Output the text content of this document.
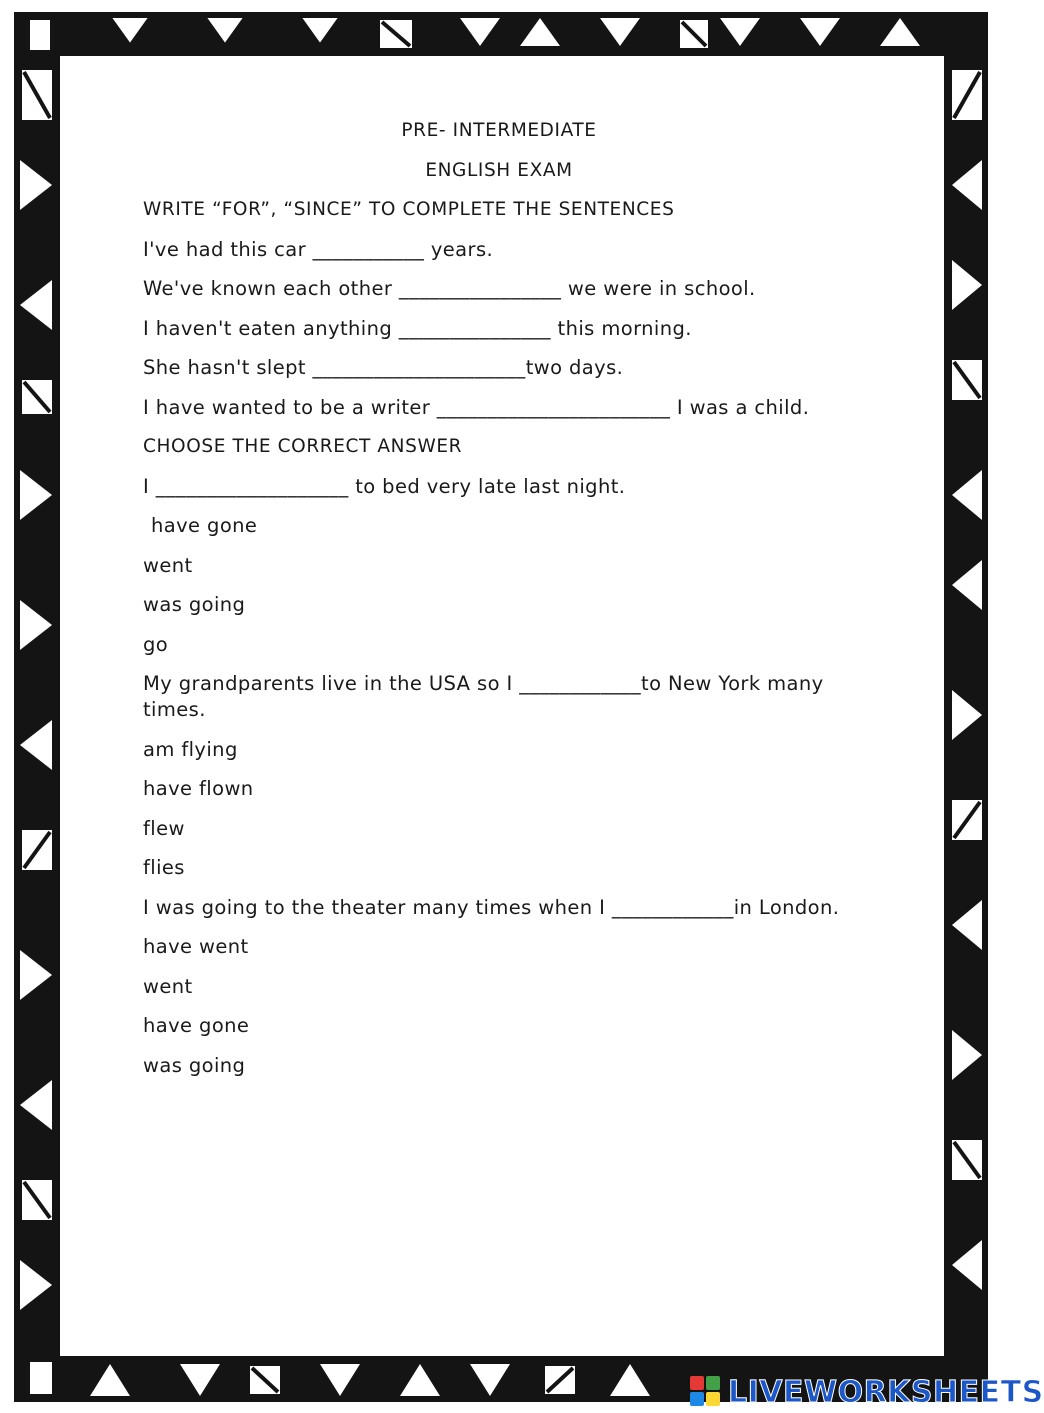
PRE- INTERMEDIATE
ENGLISH EXAM
WRITE “FOR”, “SINCE” TO COMPLETE THE SENTENCES
I've had this car ___________ years.
We've known each other ________________ we were in school.
I haven't eaten anything _______________ this morning.
She hasn't slept _____________________two days.
I have wanted to be a writer _______________________ I was a child.
CHOOSE THE CORRECT ANSWER
I ___________________ to bed very late last night.
have gone
went
was going
go
My grandparents live in the USA so I ____________to New York many times.
am flying
have flown
flew
flies
I was going to the theater many times when I ____________in London.
have went
went
have gone
was going
LIVEWORKSHEETS
